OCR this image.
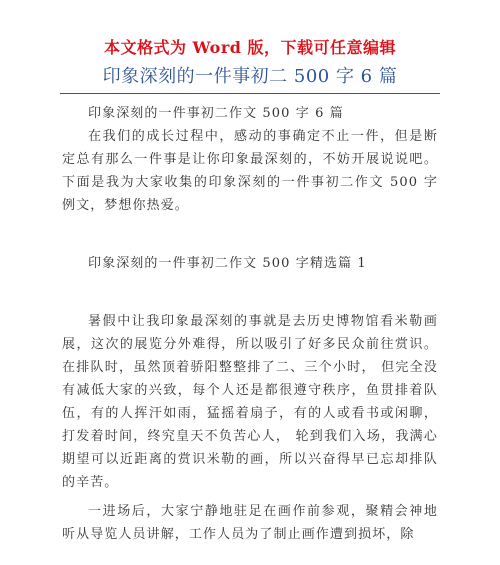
本文格式为 Word 版，下载可任意编辑
印象深刻的一件事初二 500 字 6 篇

印象深刻的一件事初二作文 500 字 6 篇

在我们的成长过程中，感动的事确定不止一件，但是断定总有那么一件事是让你印象最深刻的，不妨开展说说吧。下面是我为大家收集的印象深刻的一件事初二作文 500 字例文，梦想你热爱。

印象深刻的一件事初二作文 500 字精选篇 1

暑假中让我印象最深刻的事就是去历史博物馆看米勒画展，这次的展览分外难得，所以吸引了好多民众前往赏识。在排队时，虽然顶着骄阳整整排了二、三个小时， 但完全没有减低大家的兴致，每个人还是都很遵守秩序，鱼贯排着队伍，有的人挥汗如雨，猛摇着扇子，有的人或看书或闲聊，打发着时间，终究皇天不负苦心人， 轮到我们入场，我满心期望可以近距离的赏识米勒的画，所以兴奋得早已忘却排队的辛苦。

一进场后，大家宁静地驻足在画作前参观，聚精会神地听从导览人员讲解，工作人员为了制止画作遭到损坏，除
